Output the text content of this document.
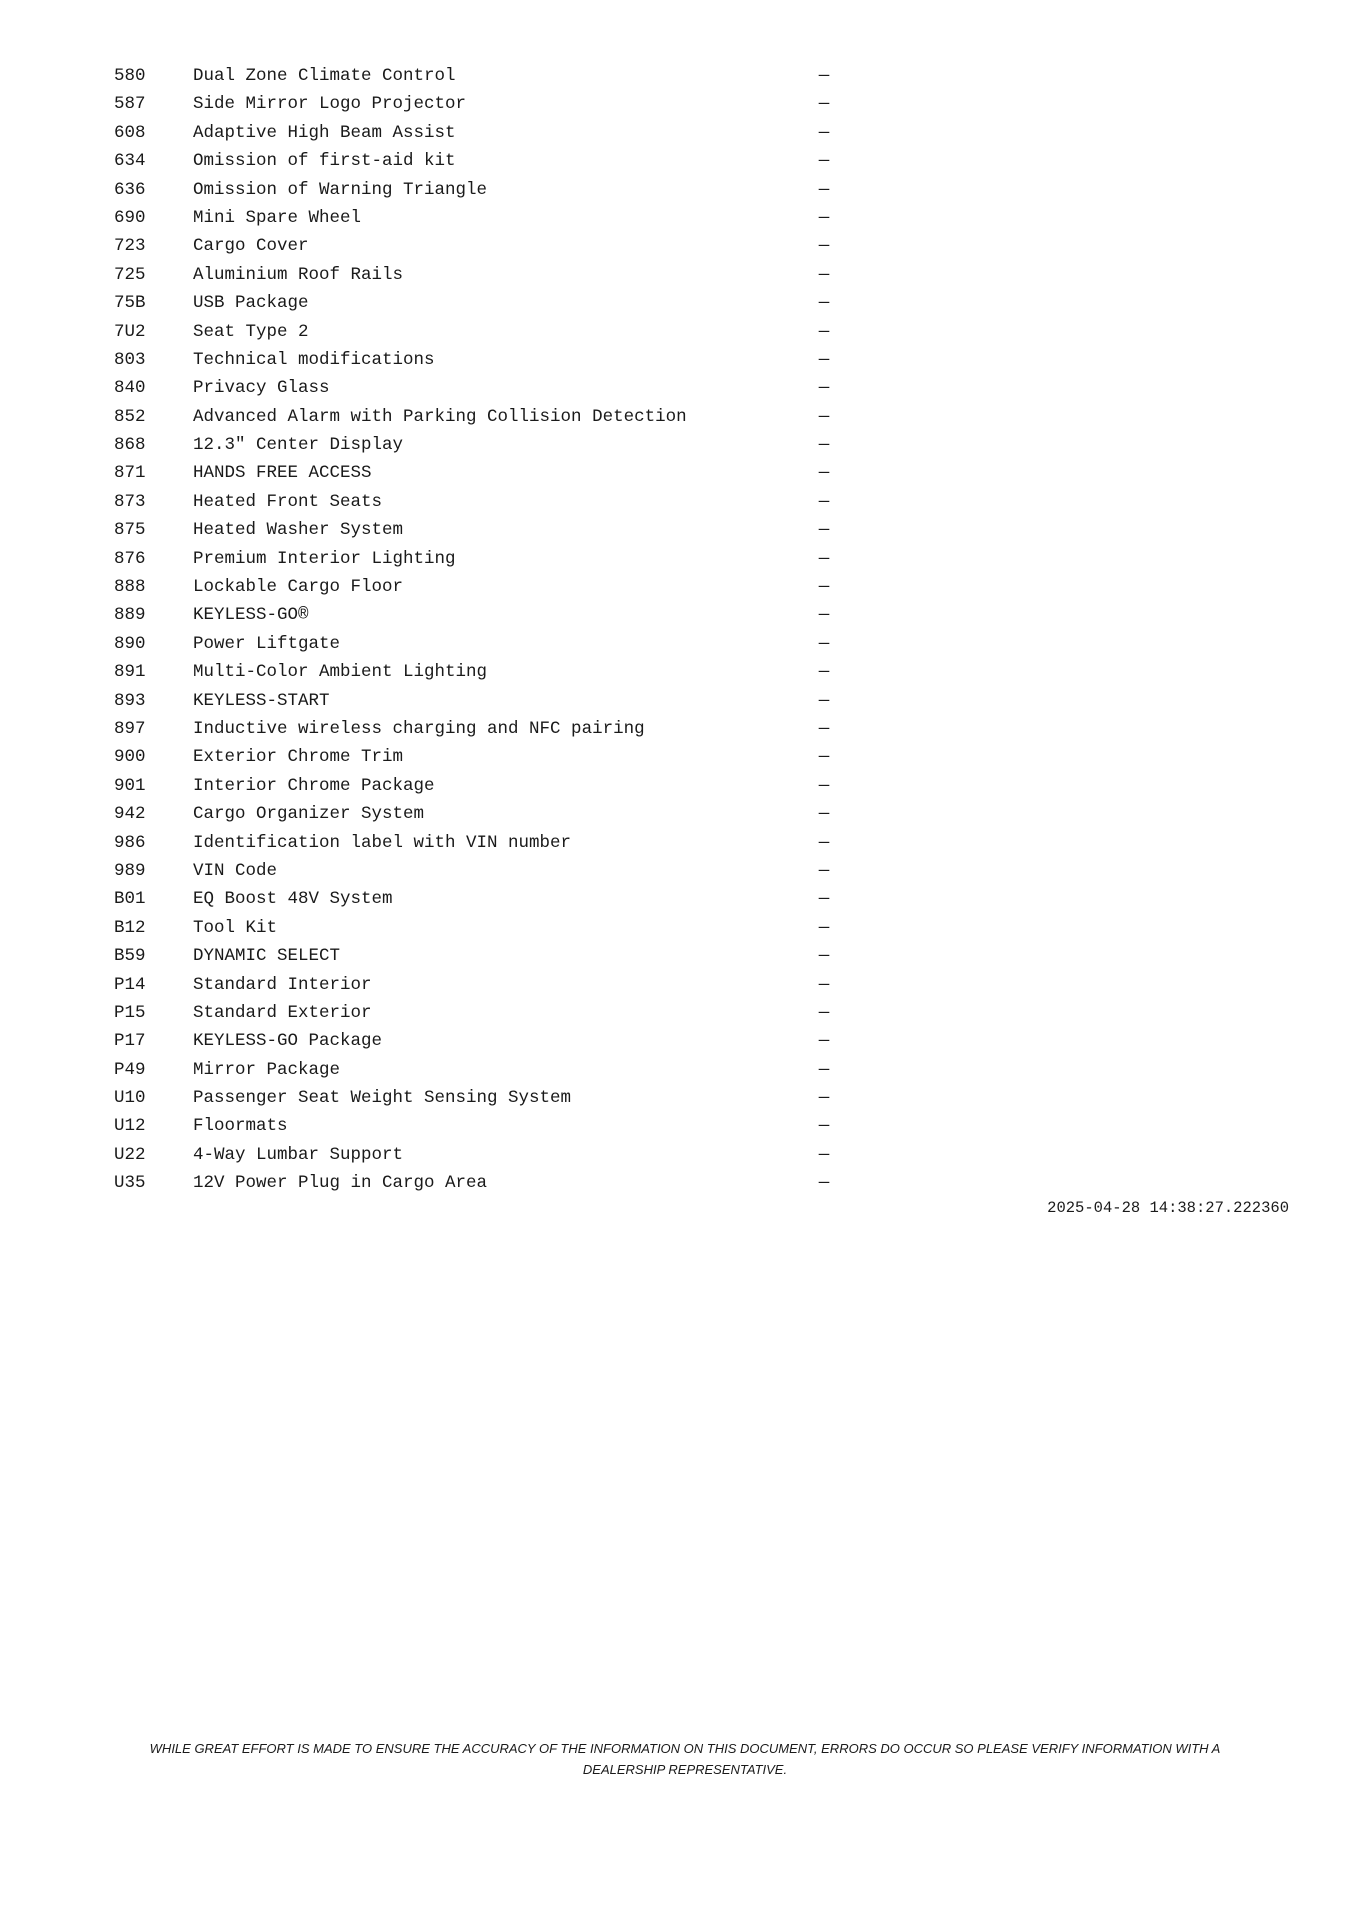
580	Dual Zone Climate Control	—
587	Side Mirror Logo Projector	—
608	Adaptive High Beam Assist	—
634	Omission of first-aid kit	—
636	Omission of Warning Triangle	—
690	Mini Spare Wheel	—
723	Cargo Cover	—
725	Aluminium Roof Rails	—
75B	USB Package	—
7U2	Seat Type 2	—
803	Technical modifications	—
840	Privacy Glass	—
852	Advanced Alarm with Parking Collision Detection	—
868	12.3" Center Display	—
871	HANDS FREE ACCESS	—
873	Heated Front Seats	—
875	Heated Washer System	—
876	Premium Interior Lighting	—
888	Lockable Cargo Floor	—
889	KEYLESS-GO®	—
890	Power Liftgate	—
891	Multi-Color Ambient Lighting	—
893	KEYLESS-START	—
897	Inductive wireless charging and NFC pairing	—
900	Exterior Chrome Trim	—
901	Interior Chrome Package	—
942	Cargo Organizer System	—
986	Identification label with VIN number	—
989	VIN Code	—
B01	EQ Boost 48V System	—
B12	Tool Kit	—
B59	DYNAMIC SELECT	—
P14	Standard Interior	—
P15	Standard Exterior	—
P17	KEYLESS-GO Package	—
P49	Mirror Package	—
U10	Passenger Seat Weight Sensing System	—
U12	Floormats	—
U22	4-Way Lumbar Support	—
U35	12V Power Plug in Cargo Area	—
2025-04-28 14:38:27.222360
WHILE GREAT EFFORT IS MADE TO ENSURE THE ACCURACY OF THE INFORMATION ON THIS DOCUMENT, ERRORS DO OCCUR SO PLEASE VERIFY INFORMATION WITH A DEALERSHIP REPRESENTATIVE.
